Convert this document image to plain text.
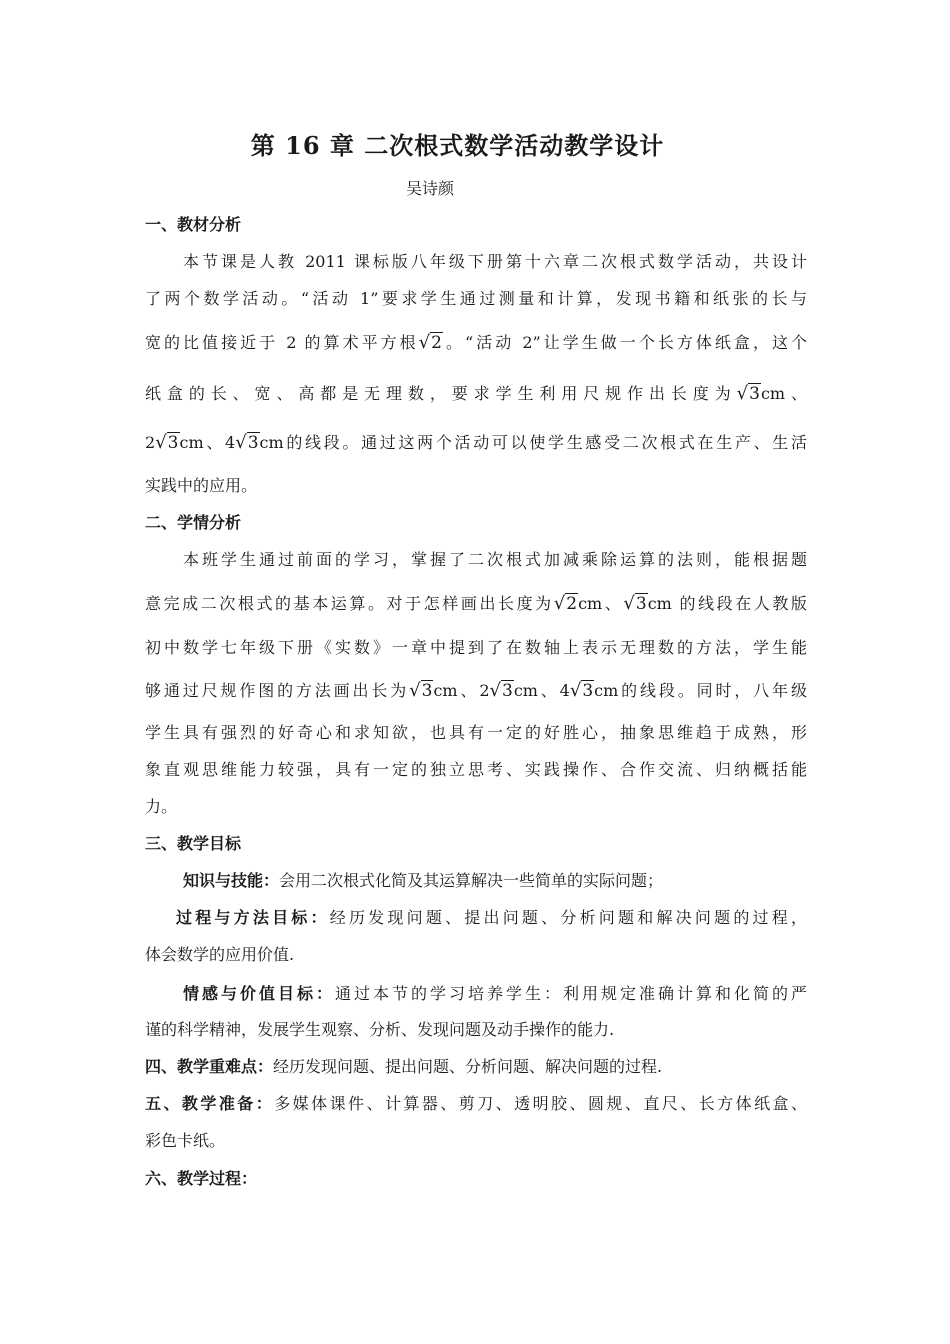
第 16 章 二次根式数学活动教学设计

吴诗颜

一、教材分析

本节课是人教 2011 课标版八年级下册第十六章二次根式数学活动，共设计

了两个数学活动。“活动 1”要求学生通过测量和计算，发现书籍和纸张的长与

宽的比值接近于 2 的算术平方根√2。“活动 2”让学生做一个长方体纸盒，这个

纸盒的长、宽、高都是无理数，要求学生利用尺规作出长度为√3cm、

2√3cm、4√3cm的线段。通过这两个活动可以使学生感受二次根式在生产、生活

实践中的应用。

二、学情分析

本班学生通过前面的学习，掌握了二次根式加减乘除运算的法则，能根据题

意完成二次根式的基本运算。对于怎样画出长度为√2cm、√3cm 的线段在人教版

初中数学七年级下册《实数》一章中提到了在数轴上表示无理数的方法，学生能

够通过尺规作图的方法画出长为√3cm、2√3cm、4√3cm的线段。同时，八年级

学生具有强烈的好奇心和求知欲，也具有一定的好胜心，抽象思维趋于成熟，形

象直观思维能力较强，具有一定的独立思考、实践操作、合作交流、归纳概括能

力。

三、教学目标

知识与技能：会用二次根式化简及其运算解决一些简单的实际问题；

过程与方法目标：经历发现问题、提出问题、分析问题和解决问题的过程，

体会数学的应用价值.

情感与价值目标：通过本节的学习培养学生：利用规定准确计算和化简的严

谨的科学精神，发展学生观察、分析、发现问题及动手操作的能力.

四、教学重难点：经历发现问题、提出问题、分析问题、解决问题的过程.

五、教学准备：多媒体课件、计算器、剪刀、透明胶、圆规、直尺、长方体纸盒、

彩色卡纸。

六、教学过程：
